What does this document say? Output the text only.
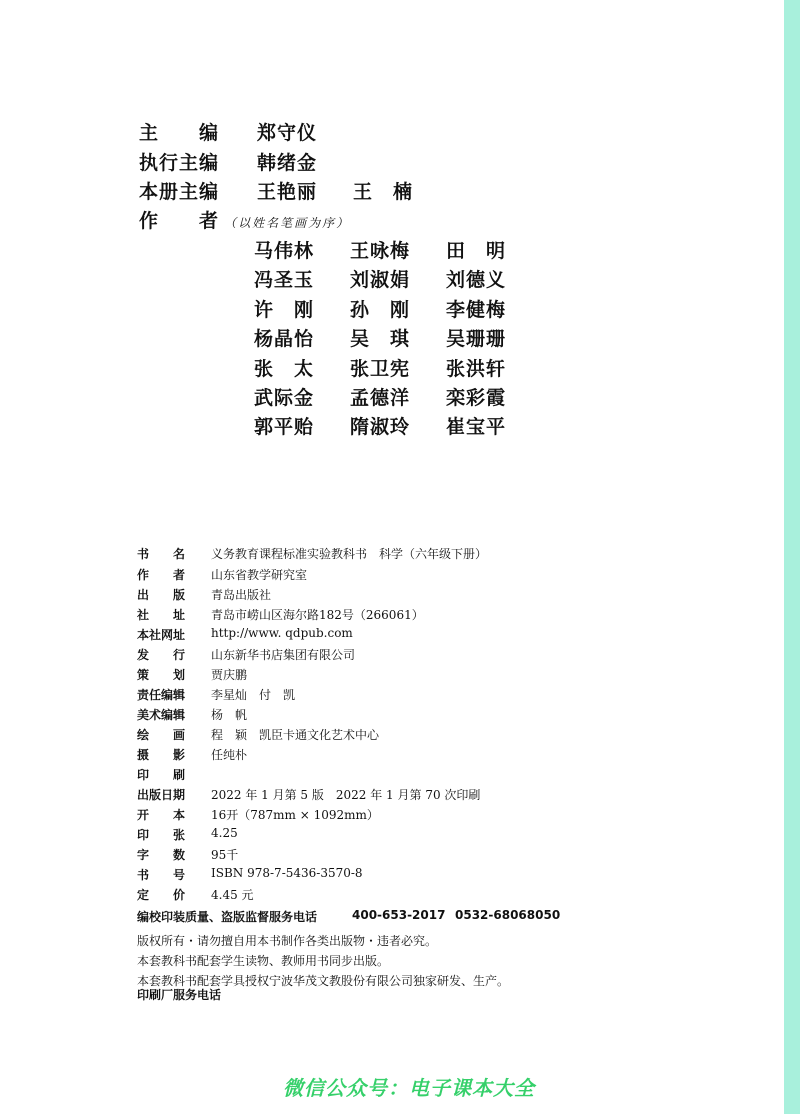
主　　编 郑守仪
执行主编 韩绪金
本册主编 王艳丽 王　楠
作　　者 （以姓名笔画为序）
马伟林 王咏梅 田　明
冯圣玉 刘淑娟 刘德义
许　刚 孙　刚 李健梅
杨晶怡 吴　琪 吴珊珊
张　太 张卫宪 张洪轩
武际金 孟德洋 栾彩霞
郭平贻 隋淑玲 崔宝平
书　　名 义务教育课程标准实验教科书　科学（六年级下册）
作　　者 山东省教学研究室
出　　版 青岛出版社
社　　址 青岛市崂山区海尔路182号（266061）
本社网址 http://www. qdpub.com
发　　行 山东新华书店集团有限公司
策　　划 贾庆鹏
责任编辑 李星灿　付　凯
美术编辑 杨　帆
绘　　画 程　颖　凯臣卡通文化艺术中心
摄　　影 任纯朴
印　　刷
出版日期 2022 年 1 月第 5 版　2022 年 1 月第 70 次印刷
开　　本 16开（787mm × 1092mm）
印　　张 4.25
字　　数 95千
书　　号 ISBN 978-7-5436-3570-8
定　　价 4.45 元
编校印装质量、盗版监督服务电话	400-653-2017 0532-68068050

版权所有・请勿擅自用本书制作各类出版物・违者必究。

本套教科书配套学生读物、教师用书同步出版。

本套教科书配套学具授权宁波华茂文教股份有限公司独家研发、生产。

印刷厂服务电话
微信公众号：电子课本大全
